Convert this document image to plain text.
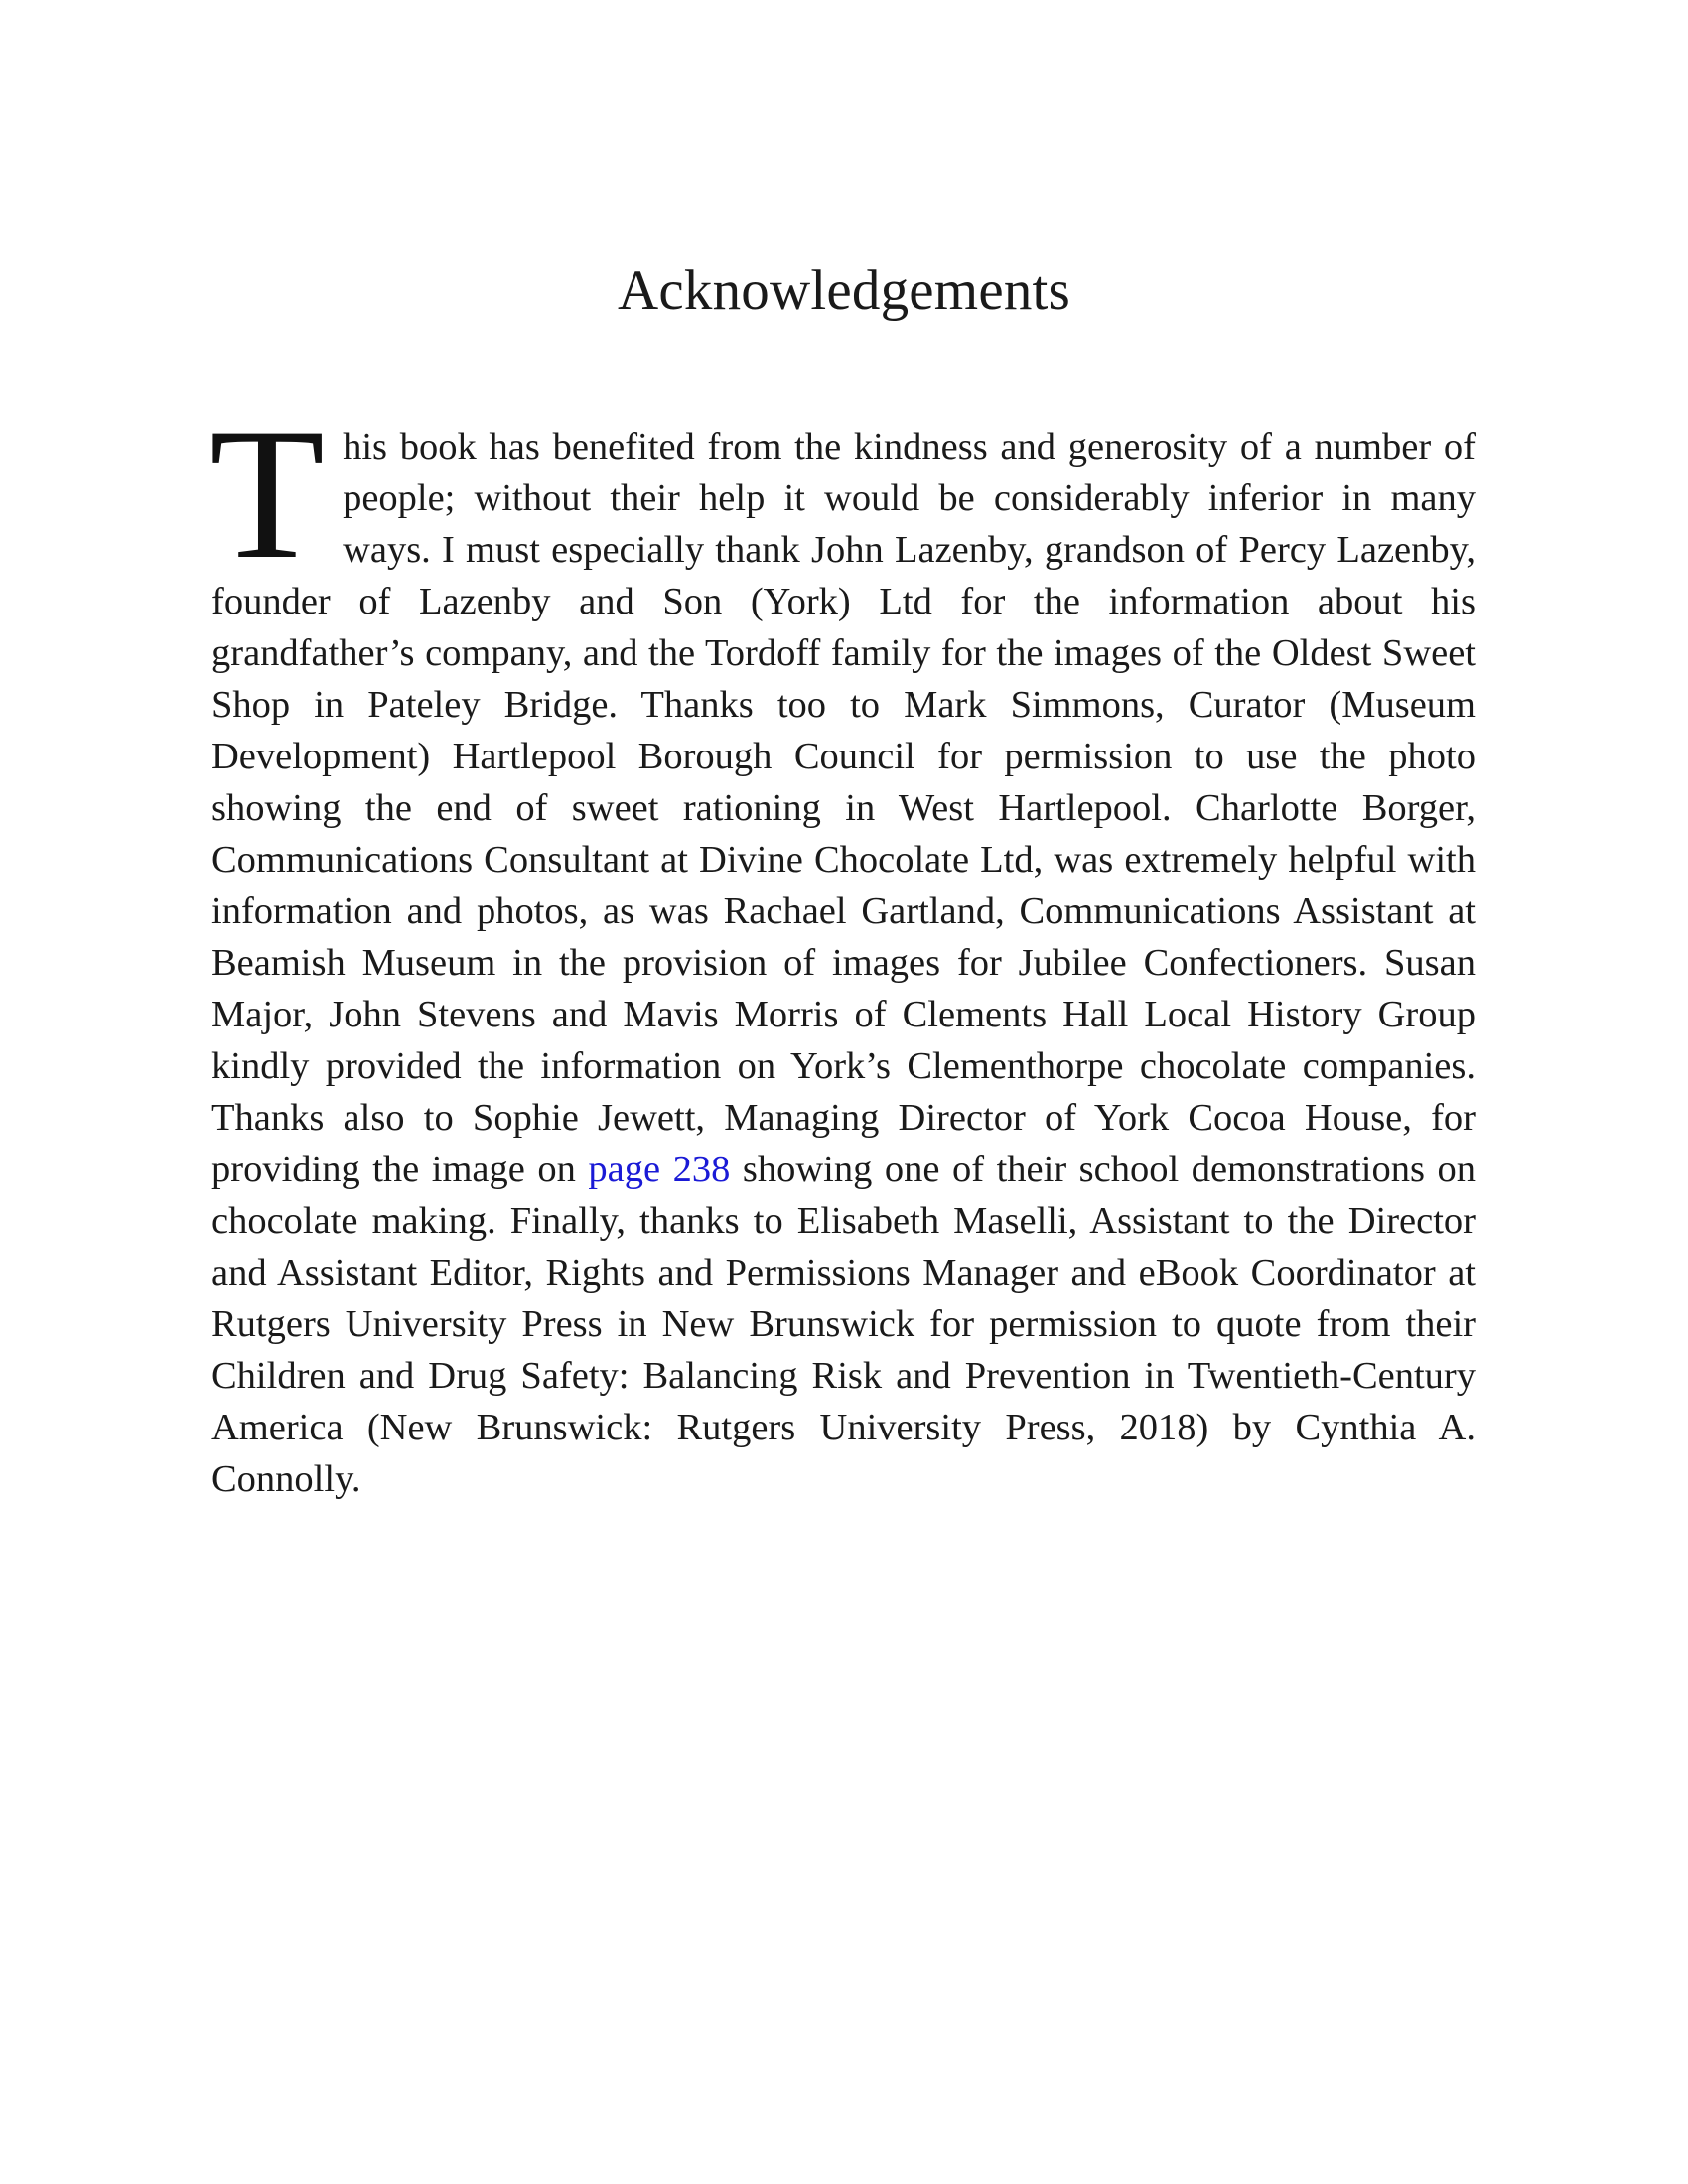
Acknowledgements

This book has benefited from the kindness and generosity of a number of people; without their help it would be considerably inferior in many ways. I must especially thank John Lazenby, grandson of Percy Lazenby, founder of Lazenby and Son (York) Ltd for the information about his grandfather’s company, and the Tordoff family for the images of the Oldest Sweet Shop in Pateley Bridge. Thanks too to Mark Simmons, Curator (Museum Development) Hartlepool Borough Council for permission to use the photo showing the end of sweet rationing in West Hartlepool. Charlotte Borger, Communications Consultant at Divine Chocolate Ltd, was extremely helpful with information and photos, as was Rachael Gartland, Communications Assistant at Beamish Museum in the provision of images for Jubilee Confectioners. Susan Major, John Stevens and Mavis Morris of Clements Hall Local History Group kindly provided the information on York’s Clementhorpe chocolate companies. Thanks also to Sophie Jewett, Managing Director of York Cocoa House, for providing the image on page 238 showing one of their school demonstrations on chocolate making. Finally, thanks to Elisabeth Maselli, Assistant to the Director and Assistant Editor, Rights and Permissions Manager and eBook Coordinator at Rutgers University Press in New Brunswick for permission to quote from their Children and Drug Safety: Balancing Risk and Prevention in Twentieth-Century America (New Brunswick: Rutgers University Press, 2018) by Cynthia A. Connolly.
